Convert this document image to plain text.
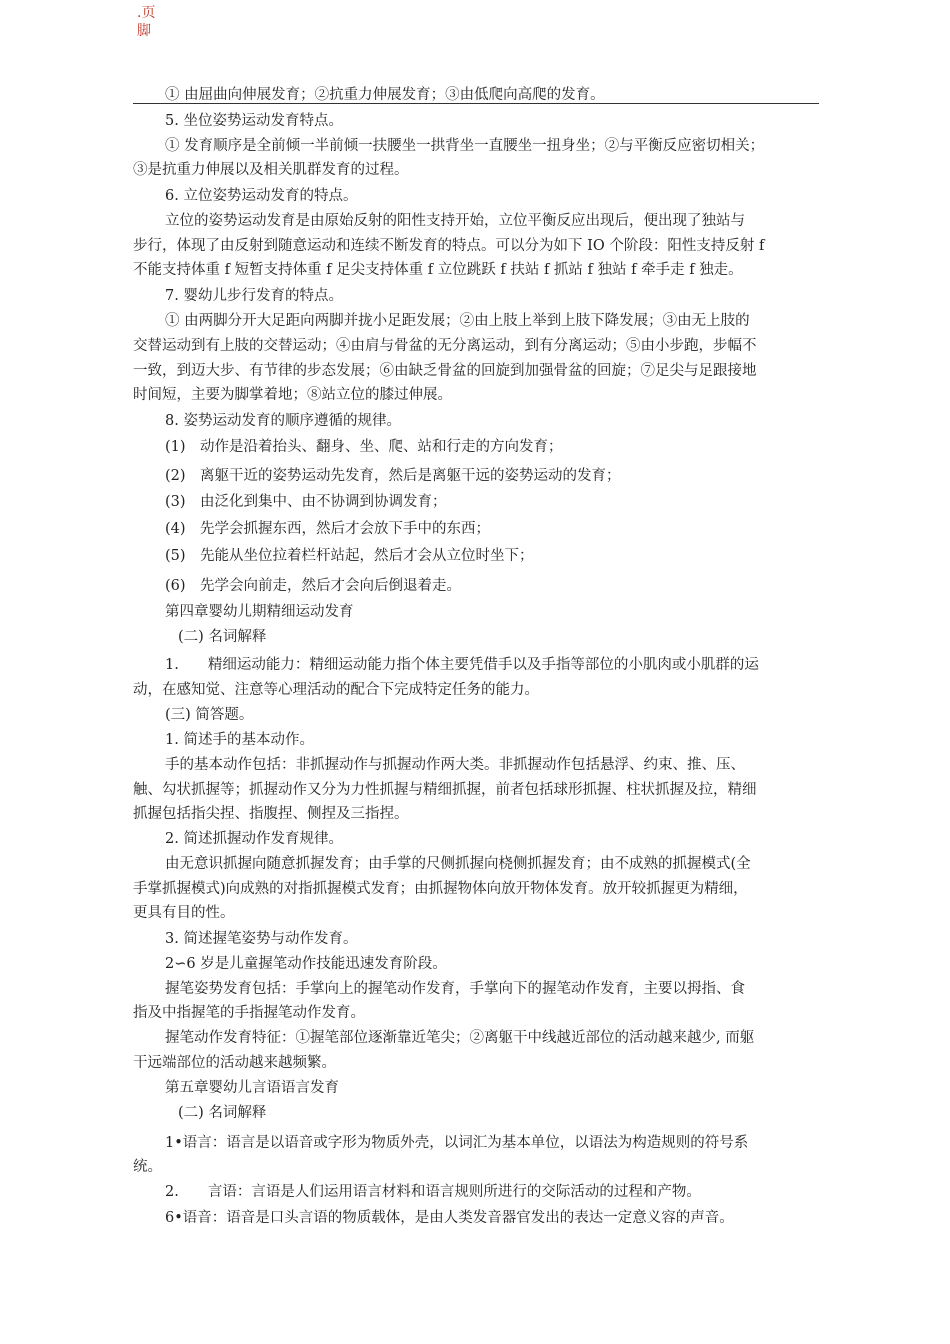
.页
脚
① 由屈曲向伸展发育；②抗重力伸展发育；③由低爬向高爬的发育。
5. 坐位姿势运动发育特点。
① 发育顺序是全前倾一半前倾一扶腰坐一拱背坐一直腰坐一扭身坐；②与平衡反应密切相关；
③是抗重力伸展以及相关肌群发育的过程。
6. 立位姿势运动发育的特点。
立位的姿势运动发育是由原始反射的阳性支持开始，立位平衡反应出现后，便出现了独站与
步行，体现了由反射到随意运动和连续不断发育的特点。可以分为如下 IO 个阶段：阳性支持反射 f
不能支持体重 f 短暂支持体重 f 足尖支持体重 f 立位跳跃 f 扶站 f 抓站 f 独站 f 牵手走 f 独走。
7. 婴幼儿步行发育的特点。
① 由两脚分开大足距向两脚并拢小足距发展；②由上肢上举到上肢下降发展；③由无上肢的
交替运动到有上肢的交替运动；④由肩与骨盆的无分离运动，到有分离运动；⑤由小步跑，步幅不
一致，到迈大步、有节律的步态发展；⑥由缺乏骨盆的回旋到加强骨盆的回旋；⑦足尖与足跟接地
时间短，主要为脚掌着地；⑧站立位的膝过伸展。
8. 姿势运动发育的顺序遵循的规律。
(1)　动作是沿着抬头、翻身、坐、爬、站和行走的方向发育；
(2)　离躯干近的姿势运动先发育，然后是离躯干远的姿势运动的发育；
(3)　由泛化到集中、由不协调到协调发育；
(4)　先学会抓握东西，然后才会放下手中的东西；
(5)　先能从坐位拉着栏杆站起，然后才会从立位时坐下；
(6)　先学会向前走，然后才会向后倒退着走。
第四章婴幼儿期精细运动发育
(二) 名词解释
1.　　精细运动能力：精细运动能力指个体主要凭借手以及手指等部位的小肌肉或小肌群的运
动，在感知觉、注意等心理活动的配合下完成特定任务的能力。
(三) 简答题。
1. 简述手的基本动作。
手的基本动作包括：非抓握动作与抓握动作两大类。非抓握动作包括悬浮、约束、推、压、
触、勾状抓握等；抓握动作又分为力性抓握与精细抓握，前者包括球形抓握、柱状抓握及拉，精细
抓握包括指尖捏、指腹捏、侧捏及三指捏。
2. 简述抓握动作发育规律。
由无意识抓握向随意抓握发育；由手掌的尺侧抓握向桡侧抓握发育；由不成熟的抓握模式(全
手掌抓握模式)向成熟的对指抓握模式发育；由抓握物体向放开物体发育。放开较抓握更为精细，
更具有目的性。
3. 简述握笔姿势与动作发育。
2∽6 岁是儿童握笔动作技能迅速发育阶段。
握笔姿势发育包括：手掌向上的握笔动作发育，手掌向下的握笔动作发育，主要以拇指、食
指及中指握笔的手指握笔动作发育。
握笔动作发育特征：①握笔部位逐渐靠近笔尖；②离躯干中线越近部位的活动越来越少, 而躯
干远端部位的活动越来越频繁。
第五章婴幼儿言语语言发育
(二) 名词解释
1•语言：语言是以语音或字形为物质外壳，以词汇为基本单位，以语法为构造规则的符号系
统。
2.　　言语：言语是人们运用语言材料和语言规则所进行的交际活动的过程和产物。
6•语音：语音是口头言语的物质载体，是由人类发音器官发出的表达一定意义容的声音。
